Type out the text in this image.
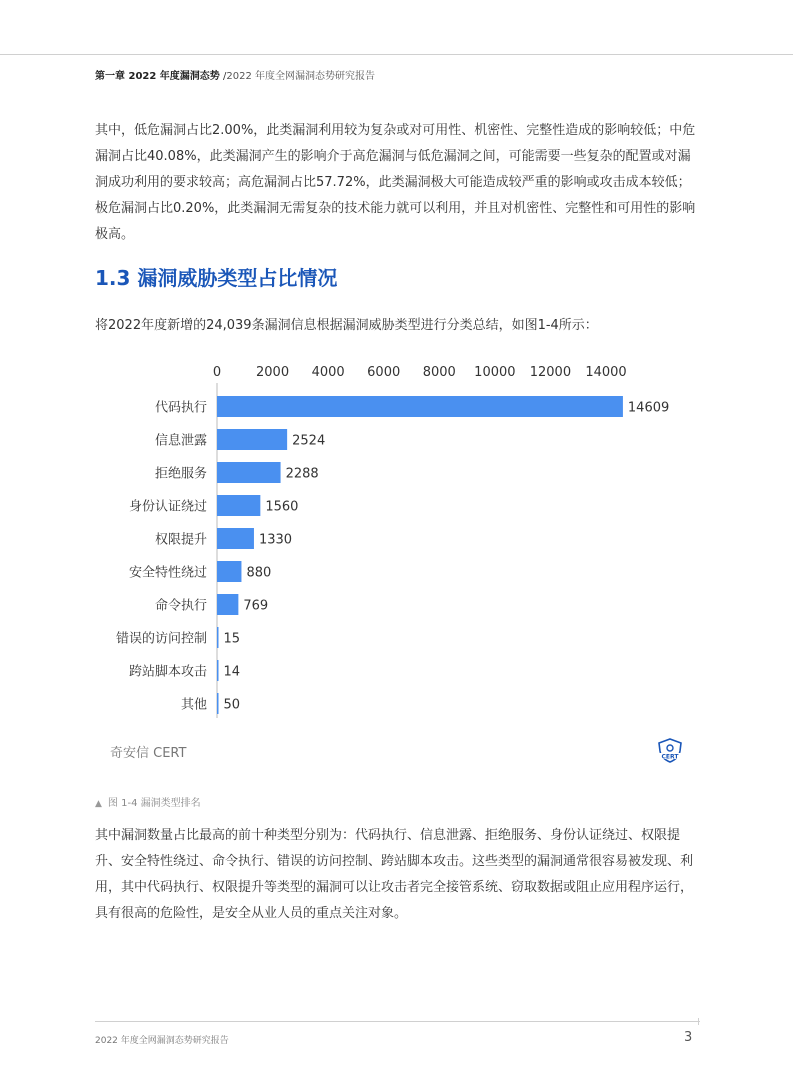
第一章 2022 年度漏洞态势 /2022 年度全网漏洞态势研究报告

其中，低危漏洞占比2.00%，此类漏洞利用较为复杂或对可用性、机密性、完整性造成的影响较低；中危漏洞占比40.08%，此类漏洞产生的影响介于高危漏洞与低危漏洞之间，可能需要一些复杂的配置或对漏洞成功利用的要求较高；高危漏洞占比57.72%，此类漏洞极大可能造成较严重的影响或攻击成本较低；极危漏洞占比0.20%，此类漏洞无需复杂的技术能力就可以利用，并且对机密性、完整性和可用性的影响极高。

1.3 漏洞威胁类型占比情况
将2022年度新增的24,039条漏洞信息根据漏洞威胁类型进行分类总结，如图1-4所示：
0	2000 4000 6000 8000 10000 12000 14000
代码执行	14609
信息泄露	2524
拒绝服务	2288
身份认证绕过	1560
权限提升	1330
安全特性绕过	880
命令执行	769
错误的访问控制 15
跨站脚本攻击 14
其他 50
奇安信 CERT	CERT
▲ 图 1-4 漏洞类型排名

其中漏洞数量占比最高的前十种类型分别为：代码执行、信息泄露、拒绝服务、身份认证绕过、权限提升、安全特性绕过、命令执行、错误的访问控制、跨站脚本攻击。这些类型的漏洞通常很容易被发现、利用，其中代码执行、权限提升等类型的漏洞可以让攻击者完全接管系统、窃取数据或阻止应用程序运行，具有很高的危险性，是安全从业人员的重点关注对象。

2022 年度全网漏洞态势研究报告	3
